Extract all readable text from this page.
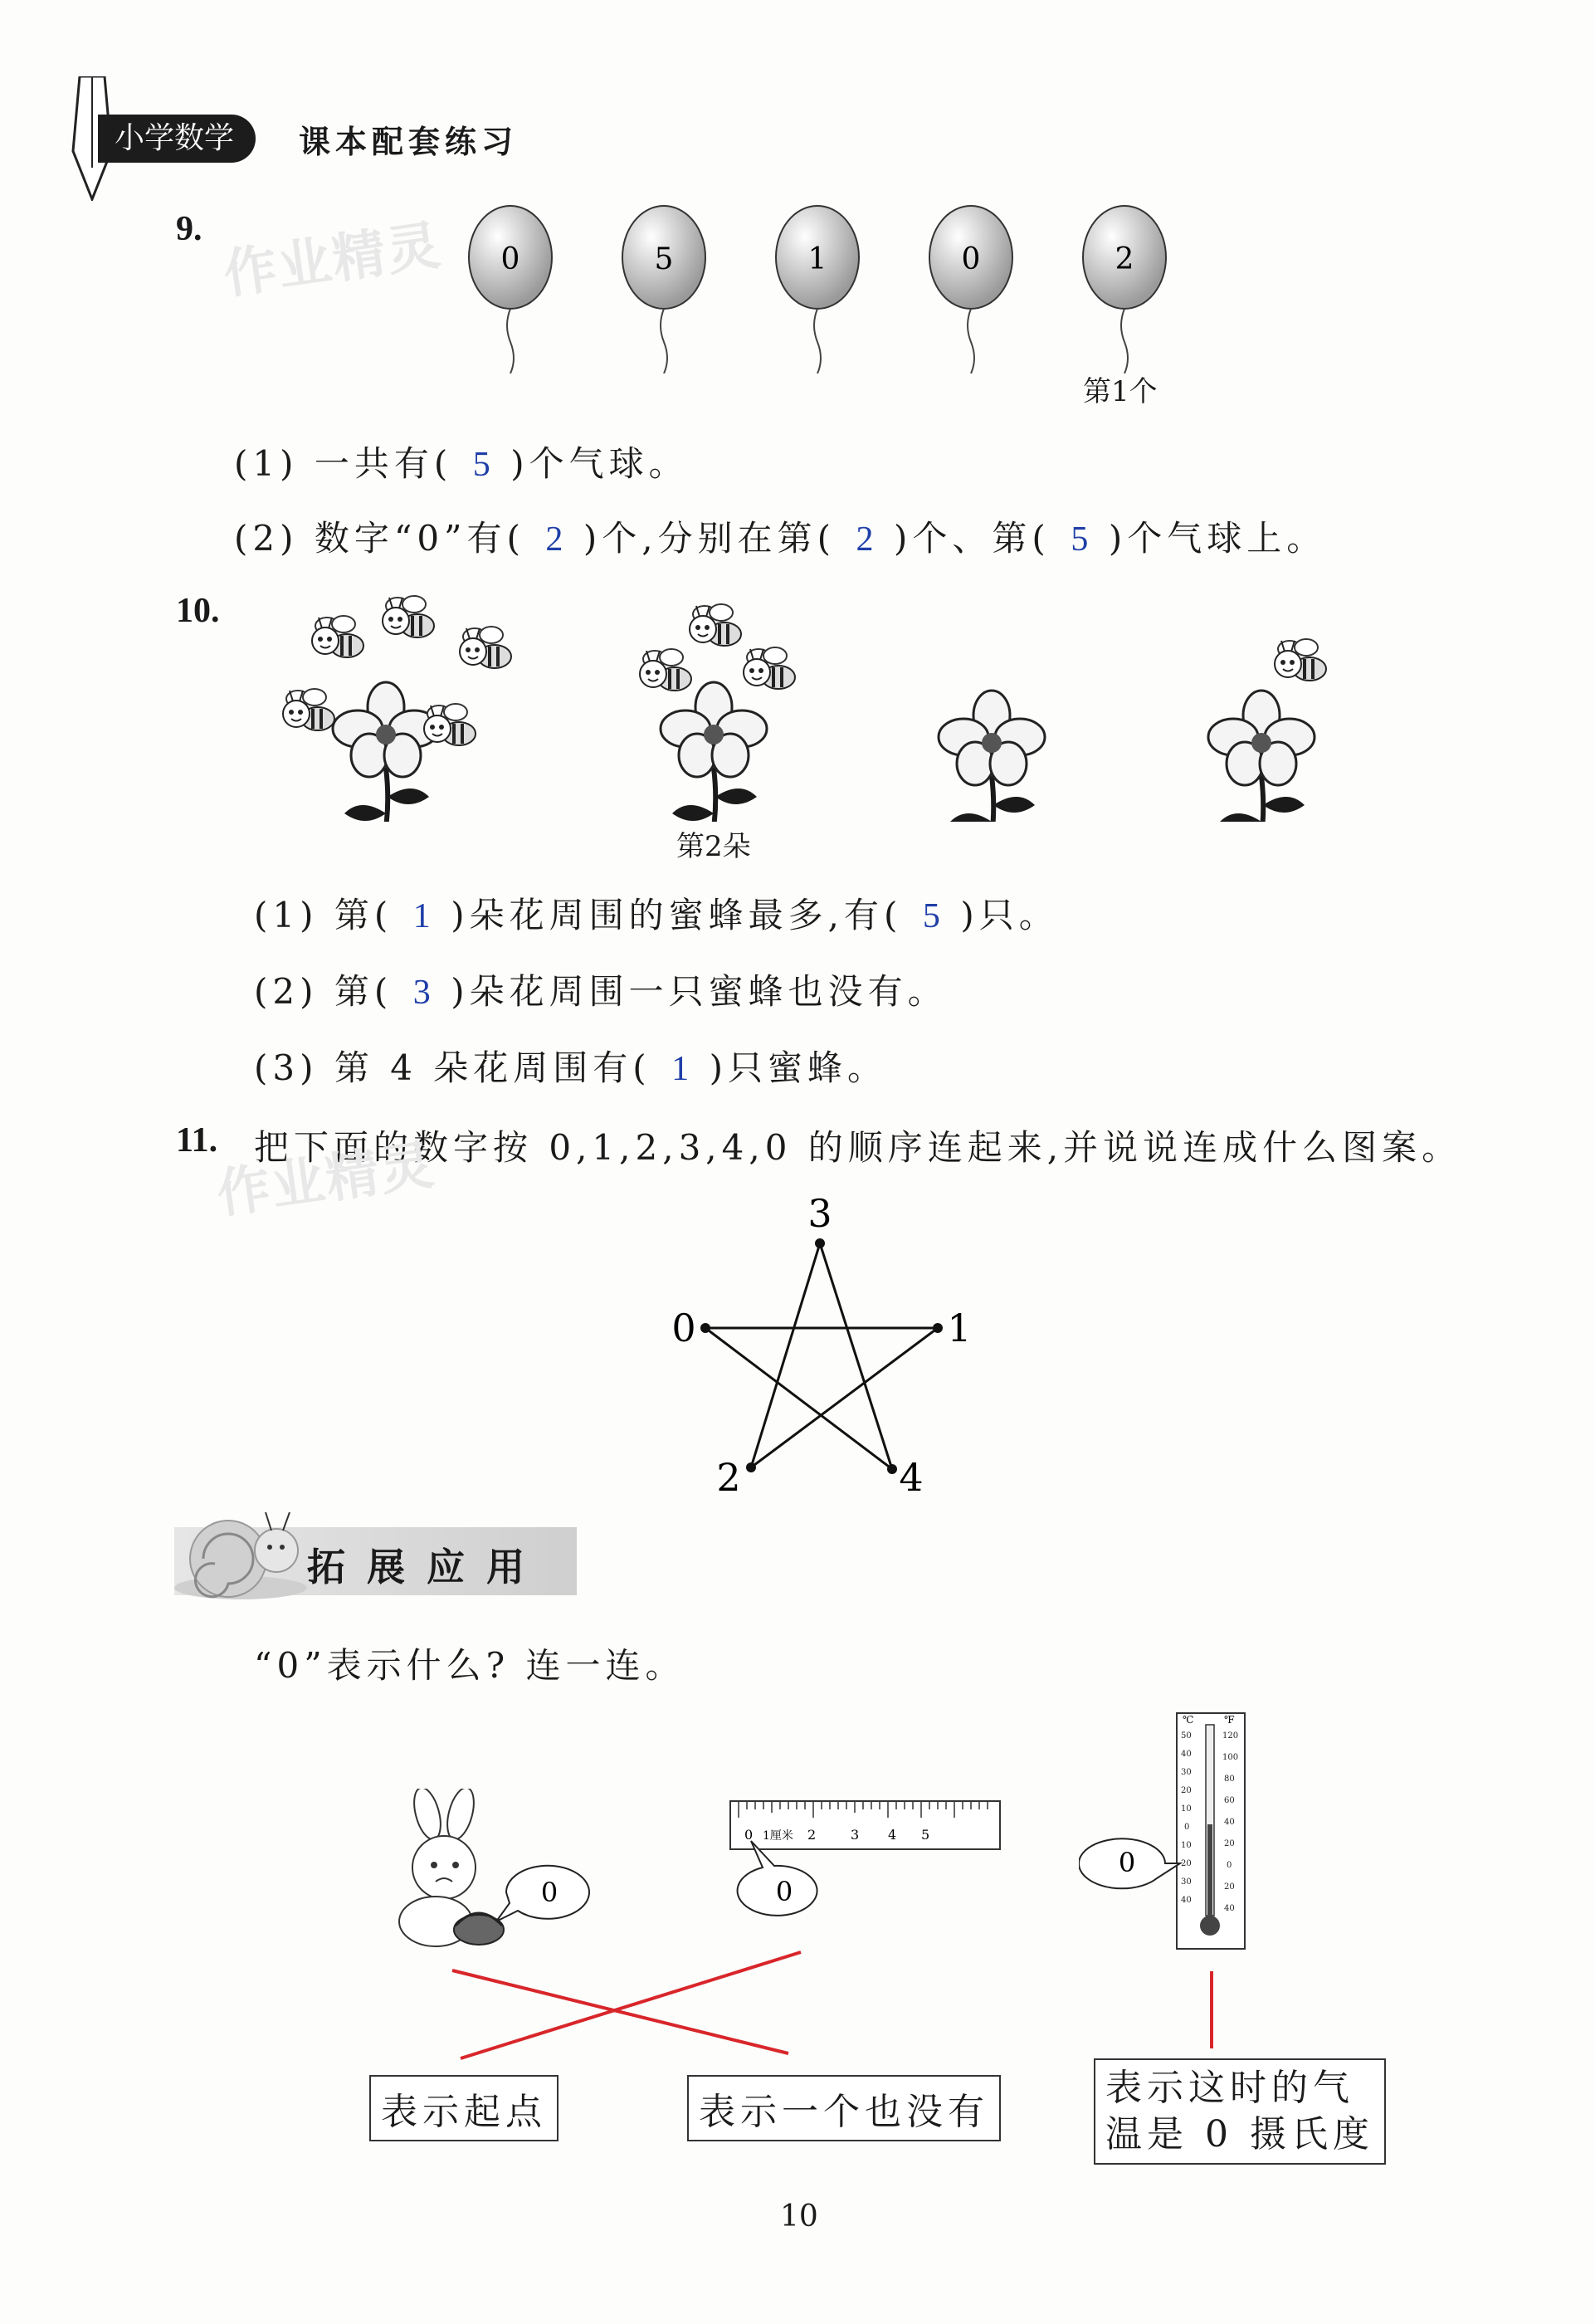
小学数学	课本配套练习
9. 作业精灵 0	5	1	0	2
第1个
(1) 一共有( 5 )个气球。
(2) 数字“0”有( 2 )个,分别在第( 2 )个、第( 5 )个气球上。
10.
第2朵
(1) 第( 1 )朵花周围的蜜蜂最多,有( 5 )只。
(2) 第( 3 )朵花周围一只蜜蜂也没有。
(3) 第 4 朵花周围有( 1 )只蜜蜂。
11. 把下面的数字按 0,1,2,3,4,0 的顺序连起来,并说说连成什么图案。
作业精灵	3
0	1
2	4
拓展应用
“0”表示什么? 连一连。
0
0 1厘米 2	3 4 5
0
℃	℉
50
40
30
20
10
0
10
20
30
40
120
100
80
60
40
20
0
20
40
0
表示起点	表示一个也没有
表示这时的气
温是 0 摄氏度
10
